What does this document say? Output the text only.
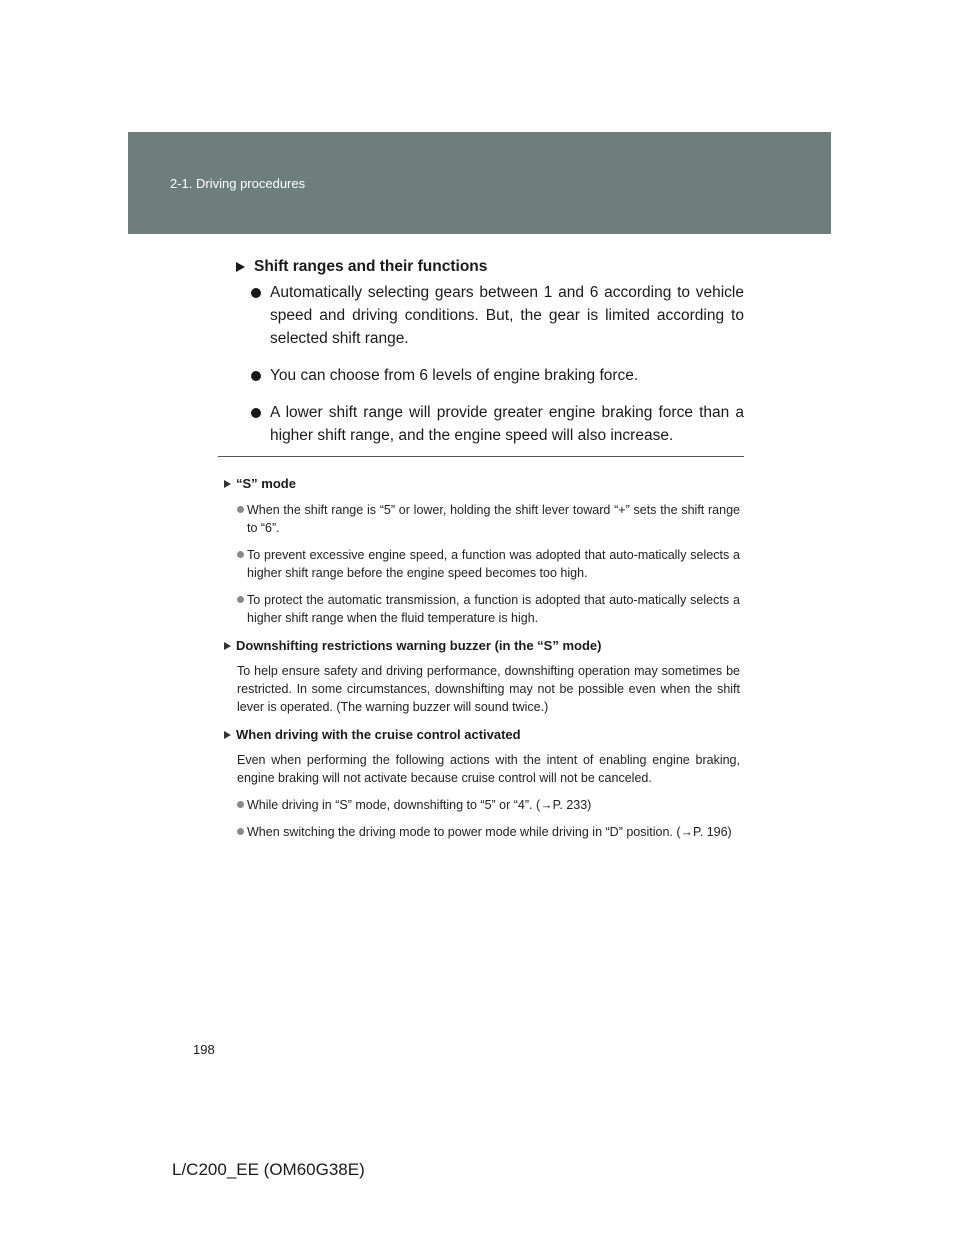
2-1. Driving procedures
Shift ranges and their functions
Automatically selecting gears between 1 and 6 according to vehicle speed and driving conditions. But, the gear is limited according to selected shift range.
You can choose from 6 levels of engine braking force.
A lower shift range will provide greater engine braking force than a higher shift range, and the engine speed will also increase.
“S” mode
When the shift range is “5” or lower, holding the shift lever toward “+” sets the shift range to “6”.
To prevent excessive engine speed, a function was adopted that auto-matically selects a higher shift range before the engine speed becomes too high.
To protect the automatic transmission, a function is adopted that auto-matically selects a higher shift range when the fluid temperature is high.
Downshifting restrictions warning buzzer (in the “S” mode)
To help ensure safety and driving performance, downshifting operation may sometimes be restricted. In some circumstances, downshifting may not be possible even when the shift lever is operated. (The warning buzzer will sound twice.)
When driving with the cruise control activated
Even when performing the following actions with the intent of enabling engine braking, engine braking will not activate because cruise control will not be canceled.
While driving in “S” mode, downshifting to “5” or “4”. (→P. 233)
When switching the driving mode to power mode while driving in “D” position. (→P. 196)
198
L/C200_EE (OM60G38E)
